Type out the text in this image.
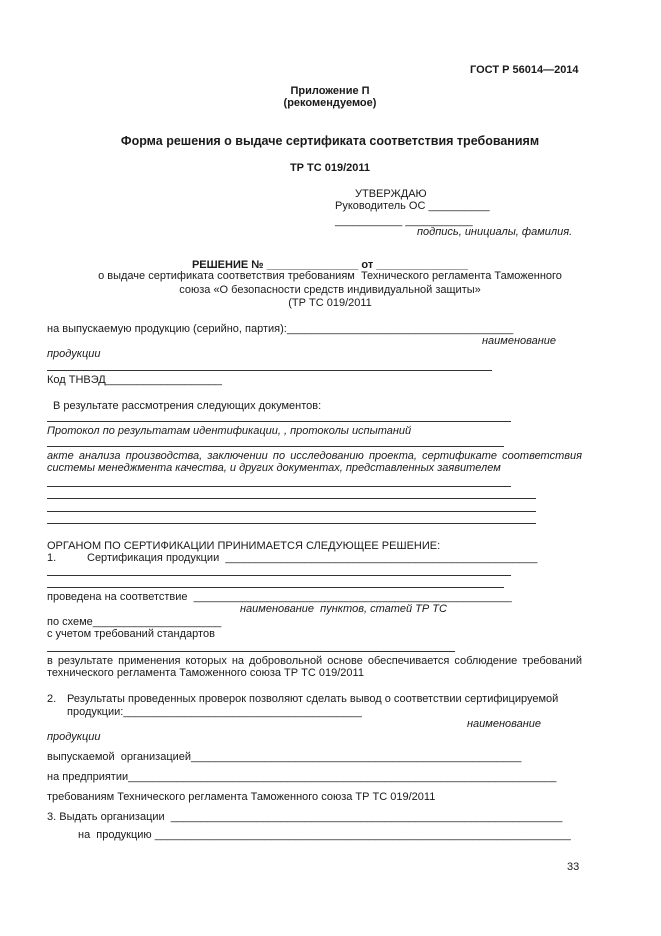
ГОСТ Р 56014—2014
Приложение П
(рекомендуемое)
Форма решения о выдаче сертификата соответствия требованиям
ТР ТС 019/2011
УТВЕРЖДАЮ
Руководитель ОС __________
___________ ___________
подпись, инициалы, фамилия.
РЕШЕНИЕ № _______________ от _______________
о выдаче сертификата соответствия требованиям  Технического регламента Таможенного
союза «О безопасности средств индивидуальной защиты»
(ТР ТС 019/2011
на выпускаемую продукцию (серийно, партия):_____________________________________
наименование
продукции
Код ТНВЭД___________________
В результате рассмотрения следующих документов:
Протокол по результатам идентификации, , протоколы испытаний
акте анализа производства, заключении по исследованию проекта, сертификате соответствия системы менеджмента качества, и других документах, представленных заявителем
ОРГАНОМ ПО СЕРТИФИКАЦИИ ПРИНИМАЕТСЯ СЛЕДУЮЩЕЕ РЕШЕНИЕ:
1.	Сертификация продукции  ___________________________________________________
проведена на соответствие  ____________________________________________________
наименование  пунктов, статей ТР ТС
по схеме_____________________
с учетом требований стандартов
в результате применения которых на добровольной основе обеспечивается соблюдение требований технического регламента Таможенного союза ТР ТС 019/2011
2. Результаты проведенных проверок позволяют сделать вывод о соответствии сертифицируемой
продукции:_______________________________________
наименование
продукции
выпускаемой  организацией______________________________________________________
на предприятии______________________________________________________________________
требованиям Технического регламента Таможенного союза ТР ТС 019/2011
3. Выдать организации  ________________________________________________________________
на  продукцию ____________________________________________________________________
33
